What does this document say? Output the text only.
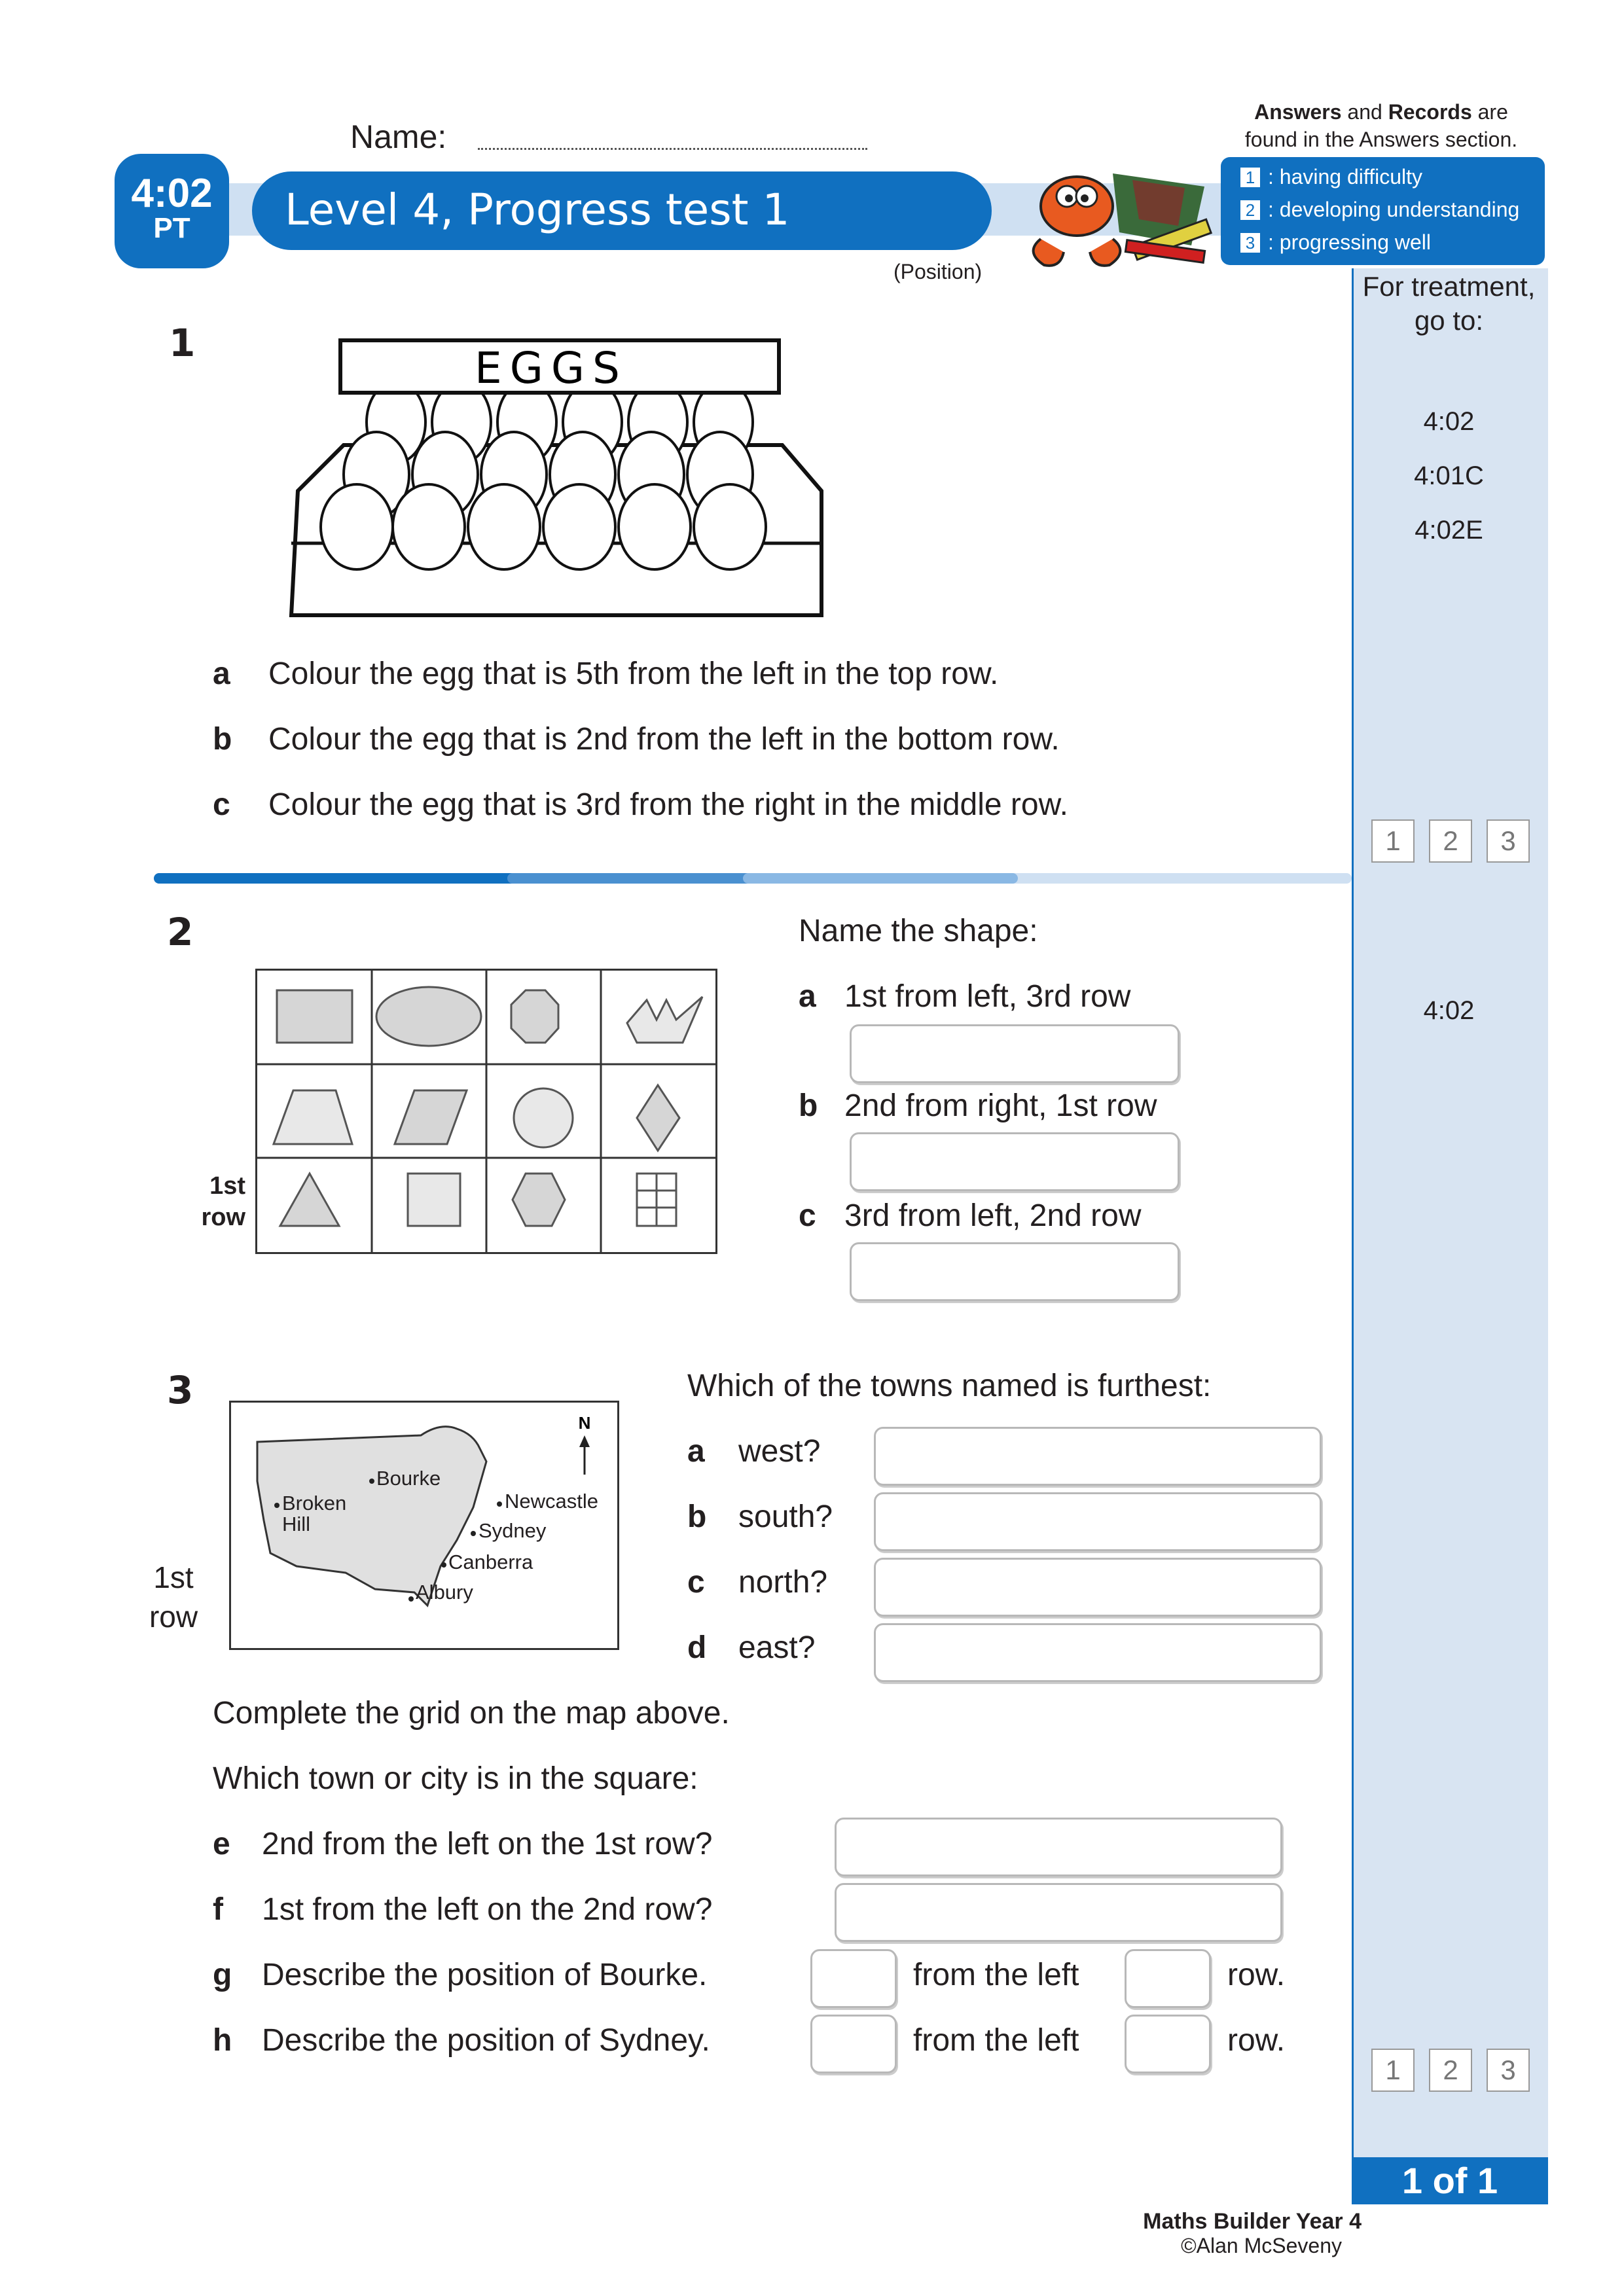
Name:
Level 4, Progress test 1
4:02
PT
(Position)
Answers and Records are
found in the Answers section.
1 : having difficulty
2 : developing understanding
3 : progressing well
For treatment,
go to:
4:02
4:01C
4:02E
1	2	3
4:02
1	2	3
1 of 1
Maths Builder Year 4
©Alan McSeveny
1	EGGS
a Colour the egg that is 5th from the left in the top row.
b Colour the egg that is 2nd from the left in the bottom row.
c Colour the egg that is 3rd from the right in the middle row.
2
1st
row
Name the shape:
a 1st from left, 3rd row
b 2nd from right, 1st row
c 3rd from left, 2nd row
3
N
Bourke
Broken
Hill
Newcastle
Sydney
Canberra
Albury
1st
row
Which of the towns named is furthest:
a west?
b south?
c north?
d east?
Complete the grid on the map above.
Which town or city is in the square:
e 2nd from the left on the 1st row?
f 1st from the left on the 2nd row?
g Describe the position of Bourke.	from the left	row.
h Describe the position of Sydney.	from the left	row.
